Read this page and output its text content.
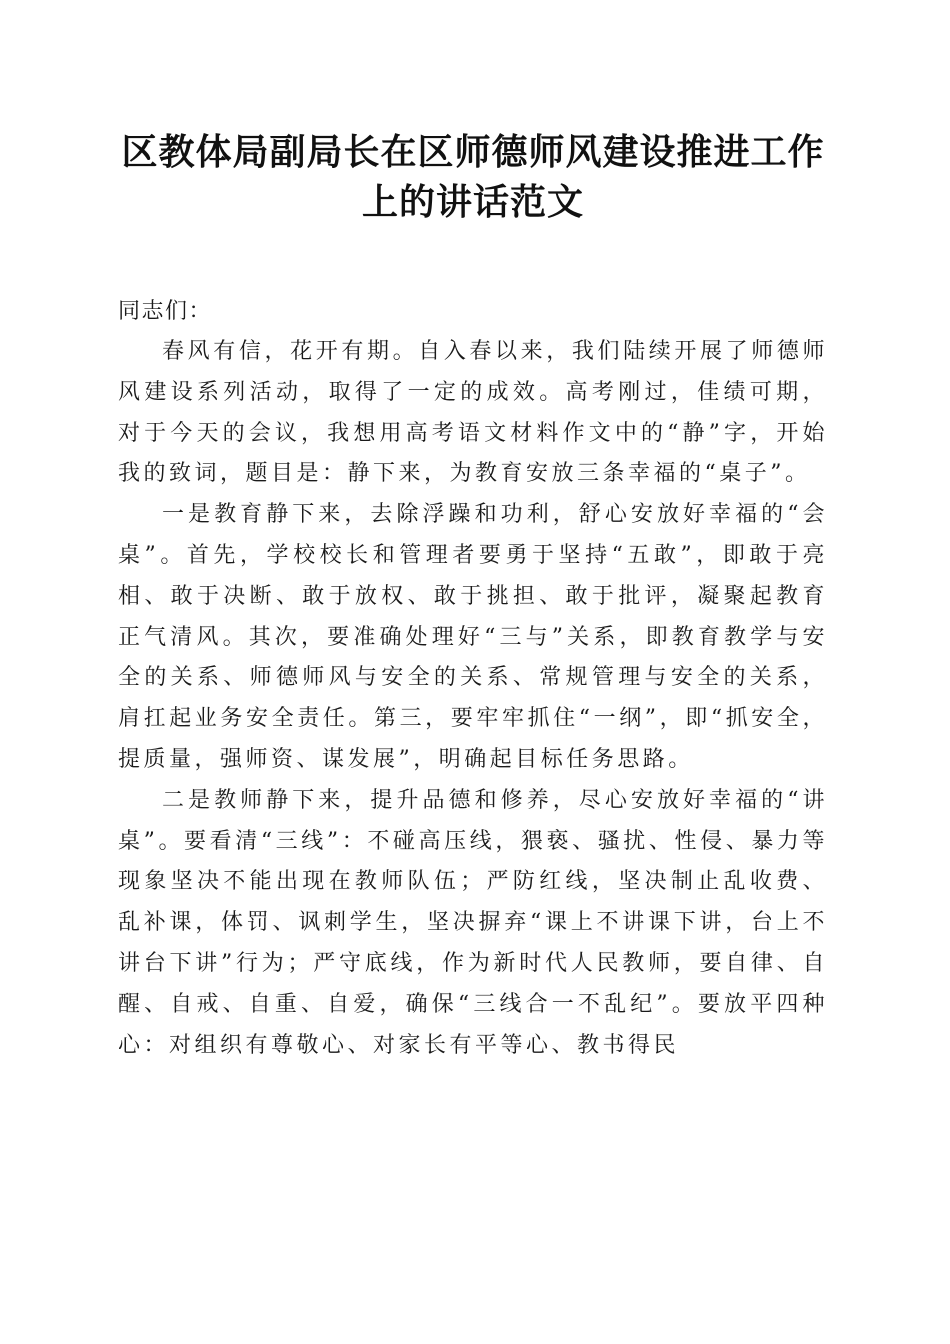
区教体局副局长在区师德师风建设推进工作上的讲话范文

同志们：

春风有信，花开有期。自入春以来，我们陆续开展了师德师风建设系列活动，取得了一定的成效。高考刚过，佳绩可期，对于今天的会议，我想用高考语文材料作文中的“静”字，开始我的致词，题目是：静下来，为教育安放三条幸福的“桌子”。

一是教育静下来，去除浮躁和功利，舒心安放好幸福的“会桌”。首先，学校校长和管理者要勇于坚持“五敢”，即敢于亮相、敢于决断、敢于放权、敢于挑担、敢于批评，凝聚起教育正气清风。其次，要准确处理好“三与”关系，即教育教学与安全的关系、师德师风与安全的关系、常规管理与安全的关系，肩扛起业务安全责任。第三，要牢牢抓住“一纲”，即“抓安全，提质量，强师资、谋发展”，明确起目标任务思路。

二是教师静下来，提升品德和修养，尽心安放好幸福的“讲桌”。要看清“三线”：不碰高压线，猥亵、骚扰、性侵、暴力等现象坚决不能出现在教师队伍；严防红线，坚决制止乱收费、乱补课，体罚、讽刺学生，坚决摒弃“课上不讲课下讲，台上不讲台下讲”行为；严守底线，作为新时代人民教师，要自律、自醒、自戒、自重、自爱，确保“三线合一不乱纪”。要放平四种心：对组织有尊敬心、对家长有平等心、教书得民
